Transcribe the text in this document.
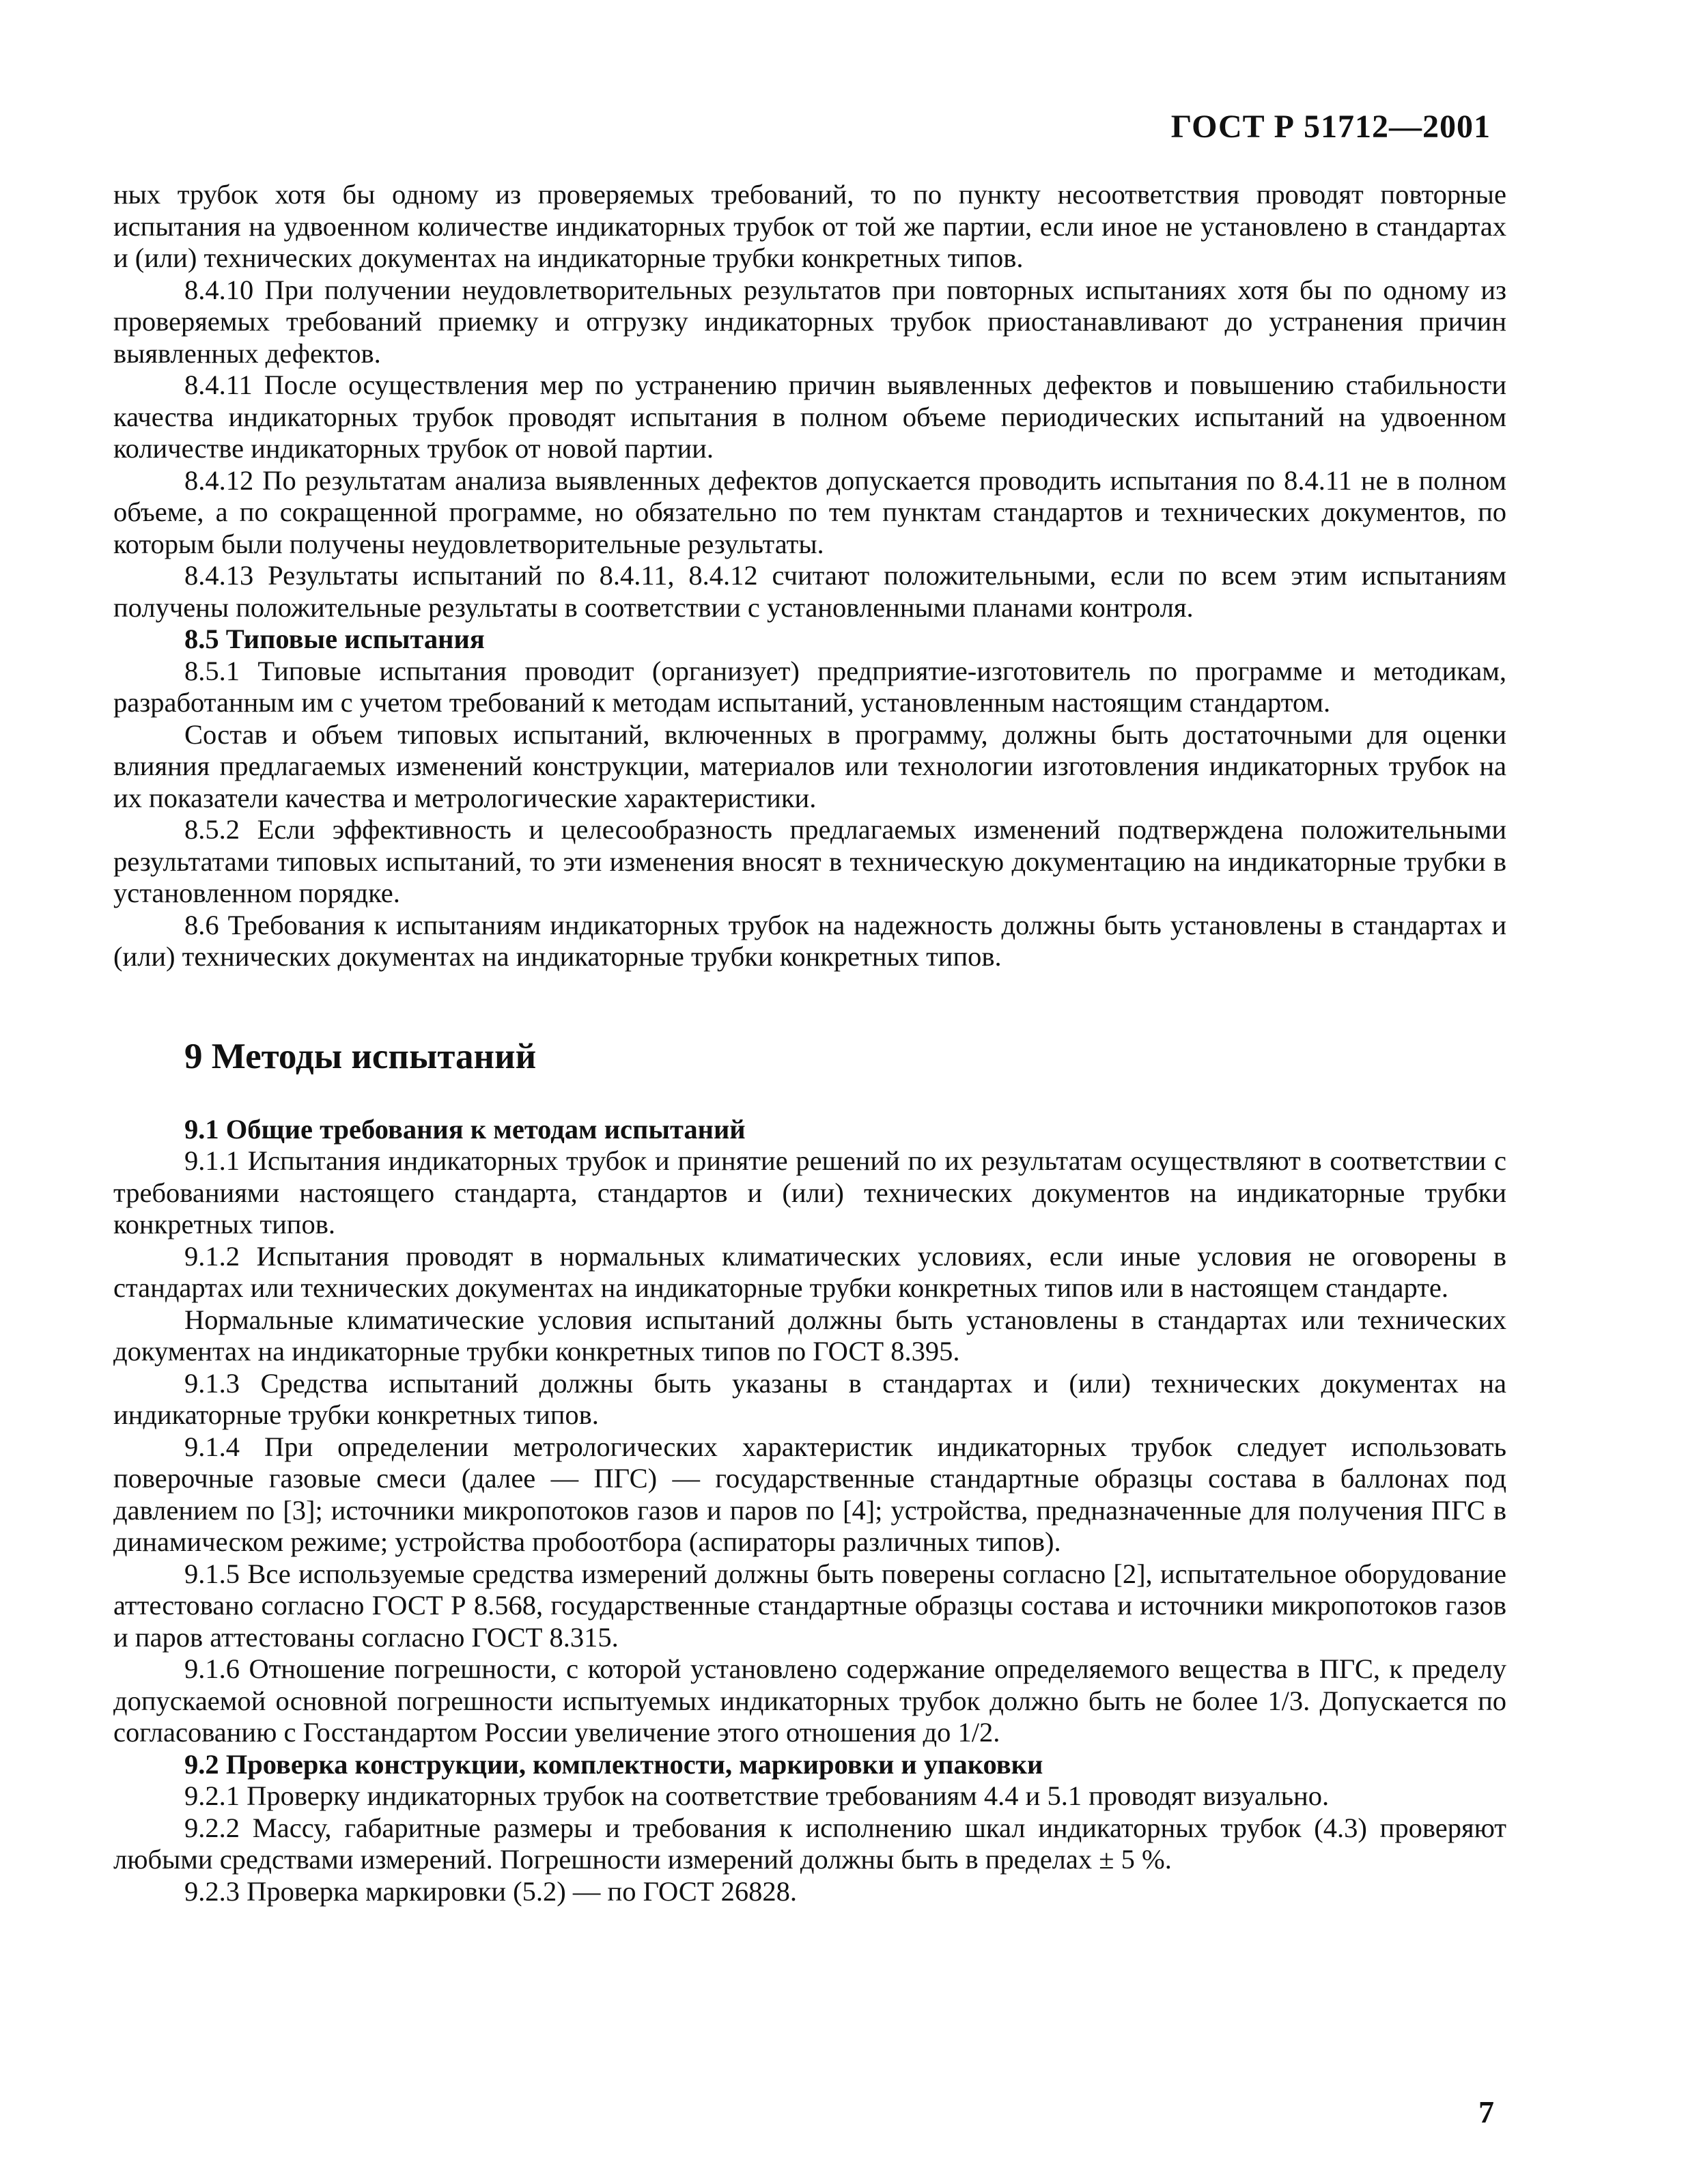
ГОСТ Р 51712—2001

ных трубок хотя бы одному из проверяемых требований, то по пункту несоответствия проводят повторные испытания на удвоенном количестве индикаторных трубок от той же партии, если иное не установлено в стандартах и (или) технических документах на индикаторные трубки конкретных типов.

8.4.10 При получении неудовлетворительных результатов при повторных испытаниях хотя бы по одному из проверяемых требований приемку и отгрузку индикаторных трубок приостанавливают до устранения причин выявленных дефектов.

8.4.11 После осуществления мер по устранению причин выявленных дефектов и повышению стабильности качества индикаторных трубок проводят испытания в полном объеме периодических испытаний на удвоенном количестве индикаторных трубок от новой партии.

8.4.12 По результатам анализа выявленных дефектов допускается проводить испытания по 8.4.11 не в полном объеме, а по сокращенной программе, но обязательно по тем пунктам стандартов и технических документов, по которым были получены неудовлетворительные результаты.

8.4.13 Результаты испытаний по 8.4.11, 8.4.12 считают положительными, если по всем этим испытаниям получены положительные результаты в соответствии с установленными планами контроля.

8.5 Типовые испытания

8.5.1 Типовые испытания проводит (организует) предприятие-изготовитель по программе и методикам, разработанным им с учетом требований к методам испытаний, установленным настоящим стандартом.

Состав и объем типовых испытаний, включенных в программу, должны быть достаточными для оценки влияния предлагаемых изменений конструкции, материалов или технологии изготовления индикаторных трубок на их показатели качества и метрологические характеристики.

8.5.2 Если эффективность и целесообразность предлагаемых изменений подтверждена положительными результатами типовых испытаний, то эти изменения вносят в техническую документацию на индикаторные трубки в установленном порядке.

8.6 Требования к испытаниям индикаторных трубок на надежность должны быть установлены в стандартах и (или) технических документах на индикаторные трубки конкретных типов.

9 Методы испытаний
9.1 Общие требования к методам испытаний

9.1.1 Испытания индикаторных трубок и принятие решений по их результатам осуществляют в соответствии с требованиями настоящего стандарта, стандартов и (или) технических документов на индикаторные трубки конкретных типов.

9.1.2 Испытания проводят в нормальных климатических условиях, если иные условия не оговорены в стандартах или технических документах на индикаторные трубки конкретных типов или в настоящем стандарте.

Нормальные климатические условия испытаний должны быть установлены в стандартах или технических документах на индикаторные трубки конкретных типов по ГОСТ 8.395.

9.1.3 Средства испытаний должны быть указаны в стандартах и (или) технических документах на индикаторные трубки конкретных типов.

9.1.4 При определении метрологических характеристик индикаторных трубок следует использовать поверочные газовые смеси (далее — ПГС) — государственные стандартные образцы состава в баллонах под давлением по [3]; источники микропотоков газов и паров по [4]; устройства, предназначенные для получения ПГС в динамическом режиме; устройства пробоотбора (аспираторы различных типов).

9.1.5 Все используемые средства измерений должны быть поверены согласно [2], испытательное оборудование аттестовано согласно ГОСТ Р 8.568, государственные стандартные образцы состава и источники микропотоков газов и паров аттестованы согласно ГОСТ 8.315.

9.1.6 Отношение погрешности, с которой установлено содержание определяемого вещества в ПГС, к пределу допускаемой основной погрешности испытуемых индикаторных трубок должно быть не более 1/3. Допускается по согласованию с Госстандартом России увеличение этого отношения до 1/2.

9.2 Проверка конструкции, комплектности, маркировки и упаковки

9.2.1 Проверку индикаторных трубок на соответствие требованиям 4.4 и 5.1 проводят визуально.

9.2.2 Массу, габаритные размеры и требования к исполнению шкал индикаторных трубок (4.3) проверяют любыми средствами измерений. Погрешности измерений должны быть в пределах ± 5 %.

9.2.3 Проверка маркировки (5.2) — по ГОСТ 26828.

7
